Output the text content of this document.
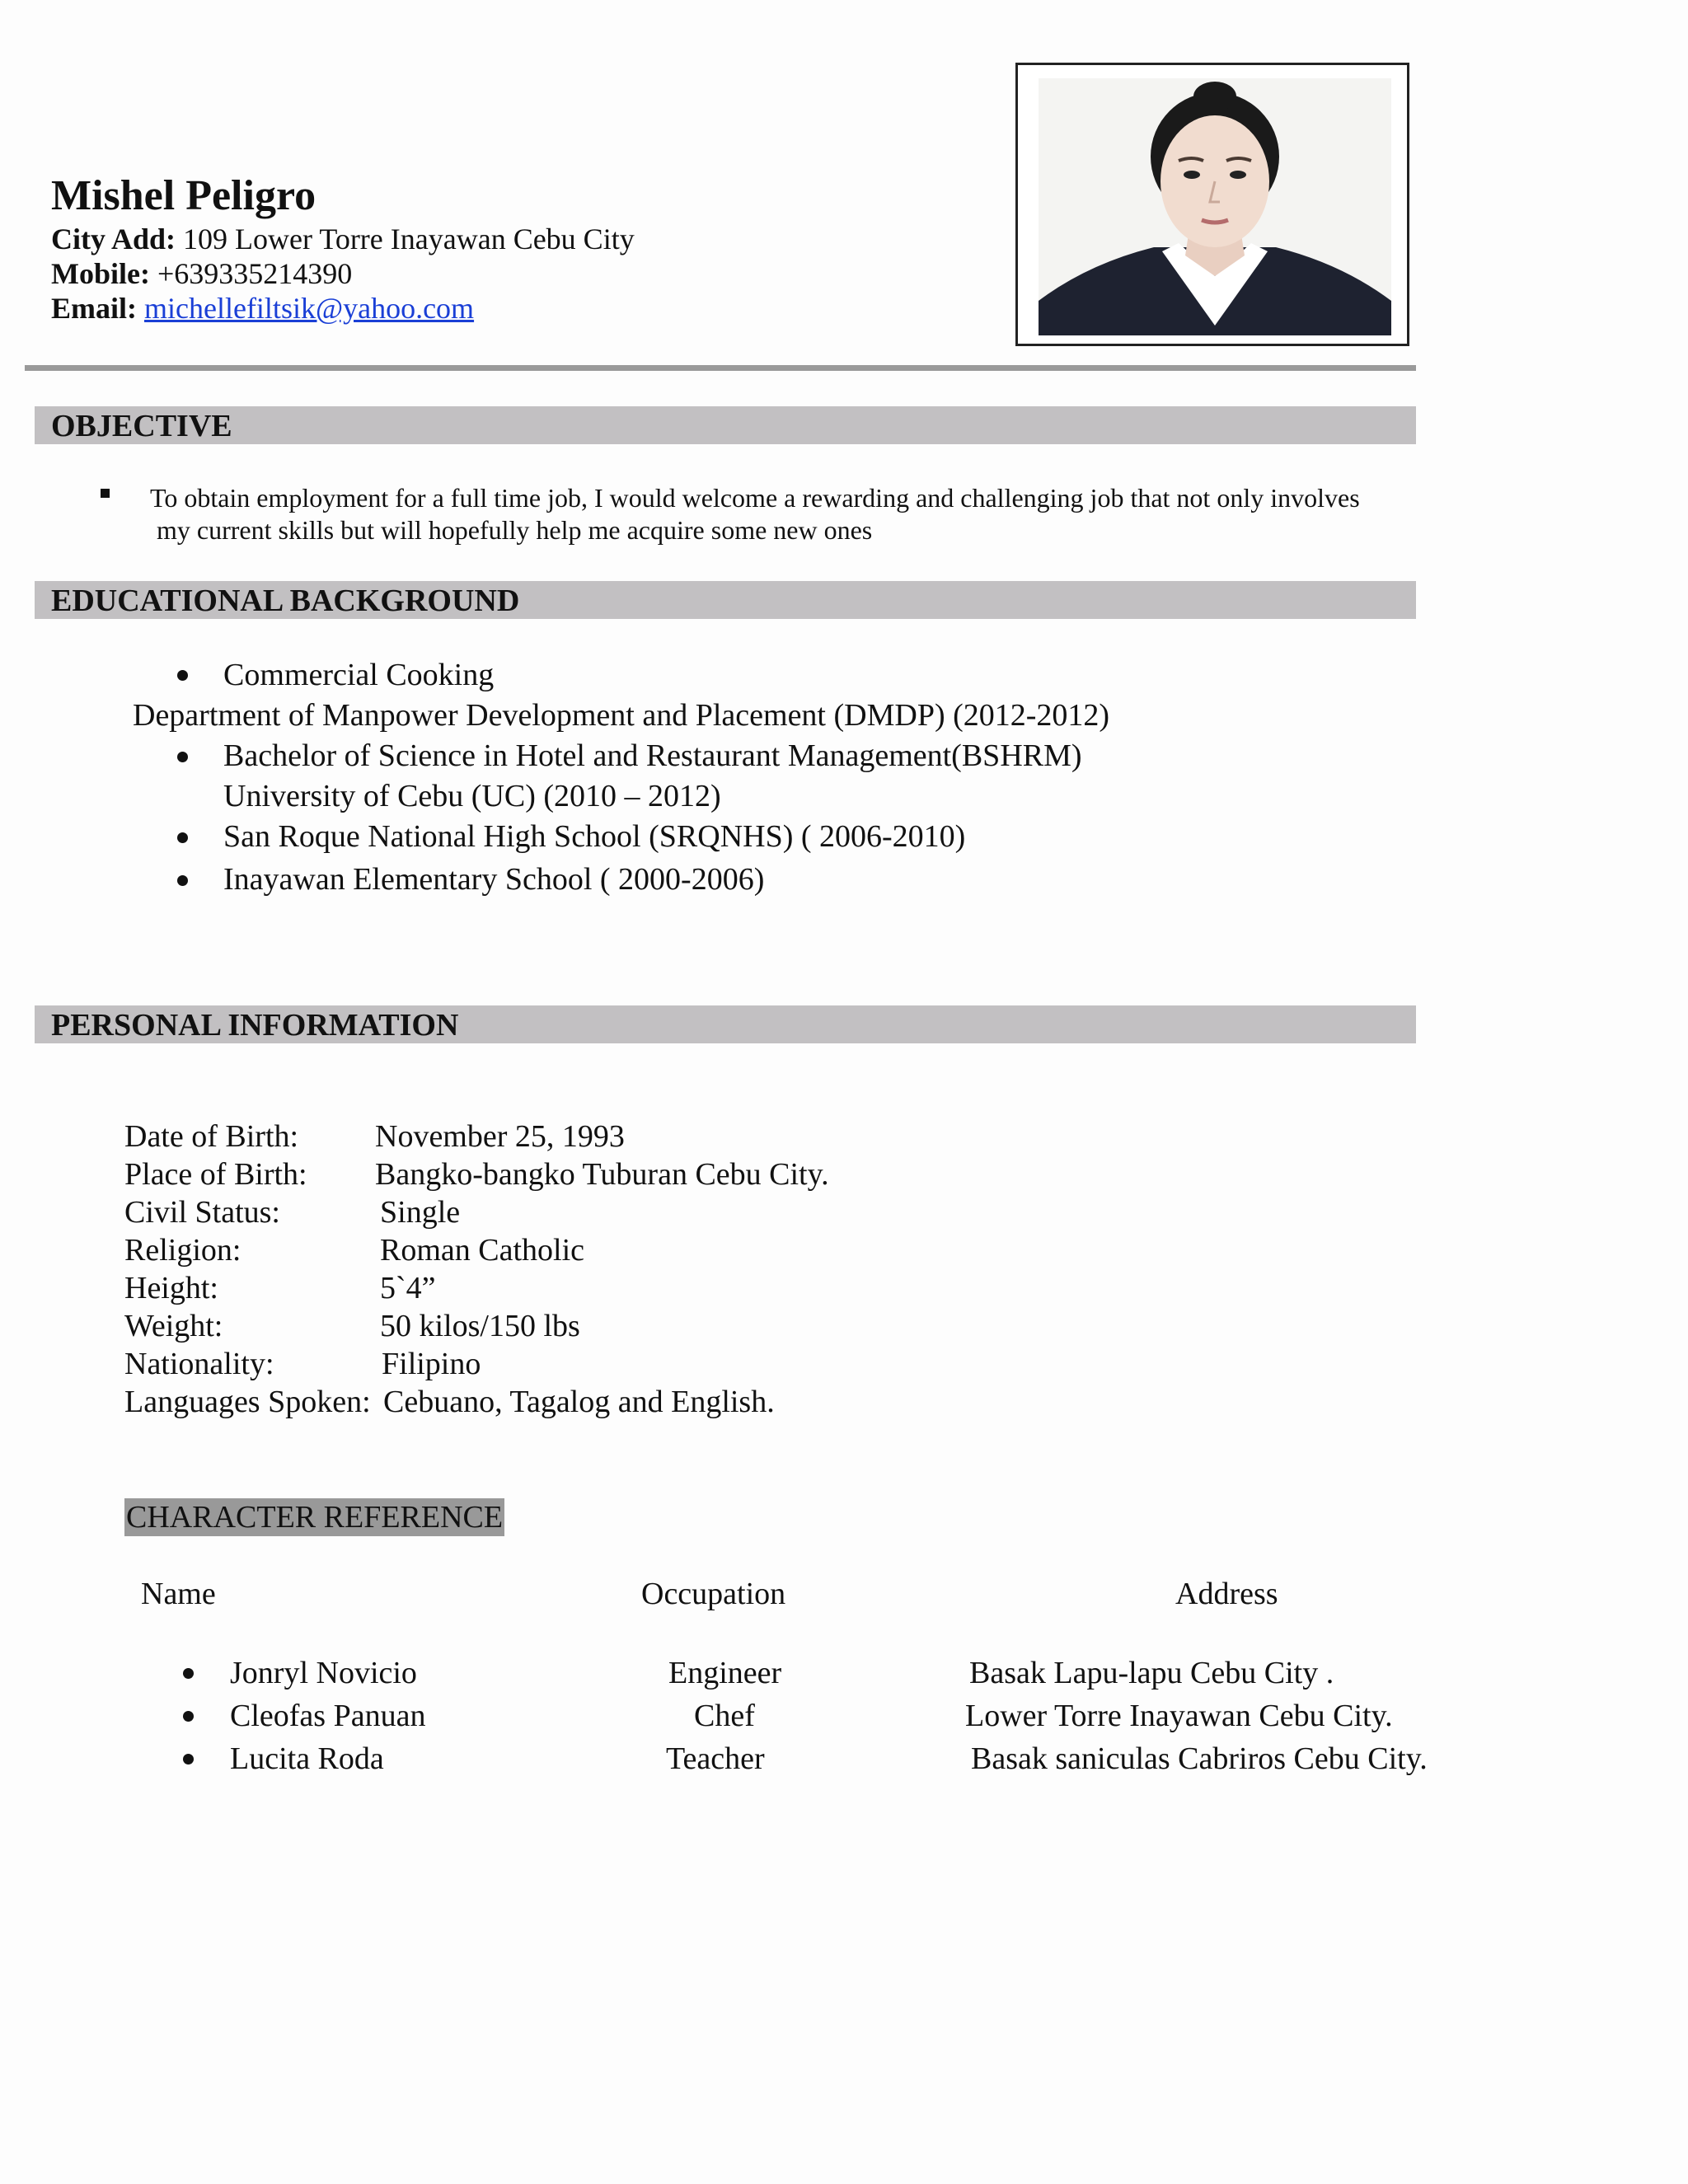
Mishel Peligro
City Add: 109 Lower Torre Inayawan Cebu City
Mobile: +639335214390
Email: michellefiltsik@yahoo.com
OBJECTIVE
To obtain employment for a full time job, I would welcome a rewarding and challenging job that not only involves
my current skills but will hopefully help me acquire some new ones
EDUCATIONAL BACKGROUND
Commercial Cooking
Department of Manpower Development and Placement (DMDP) (2012-2012)
Bachelor of Science in Hotel and Restaurant Management(BSHRM)
University of Cebu (UC) (2010 – 2012)
San Roque National High School (SRQNHS) ( 2006-2010)
Inayawan Elementary School ( 2000-2006)
PERSONAL INFORMATION
Date of Birth: November 25, 1993
Place of Birth: Bangko-bangko Tuburan Cebu City.
Civil Status:	Single
Religion:	Roman Catholic
Height:	5`4”
Weight:	50 kilos/150 lbs
Nationality:	Filipino
Languages Spoken: Cebuano, Tagalog and English.
CHARACTER REFERENCE
Name	Occupation	Address
Jonryl Novicio	Engineer	Basak Lapu-lapu Cebu City .
Cleofas Panuan	Chef	Lower Torre Inayawan Cebu City.
Lucita Roda	Teacher	Basak saniculas Cabriros Cebu City.
